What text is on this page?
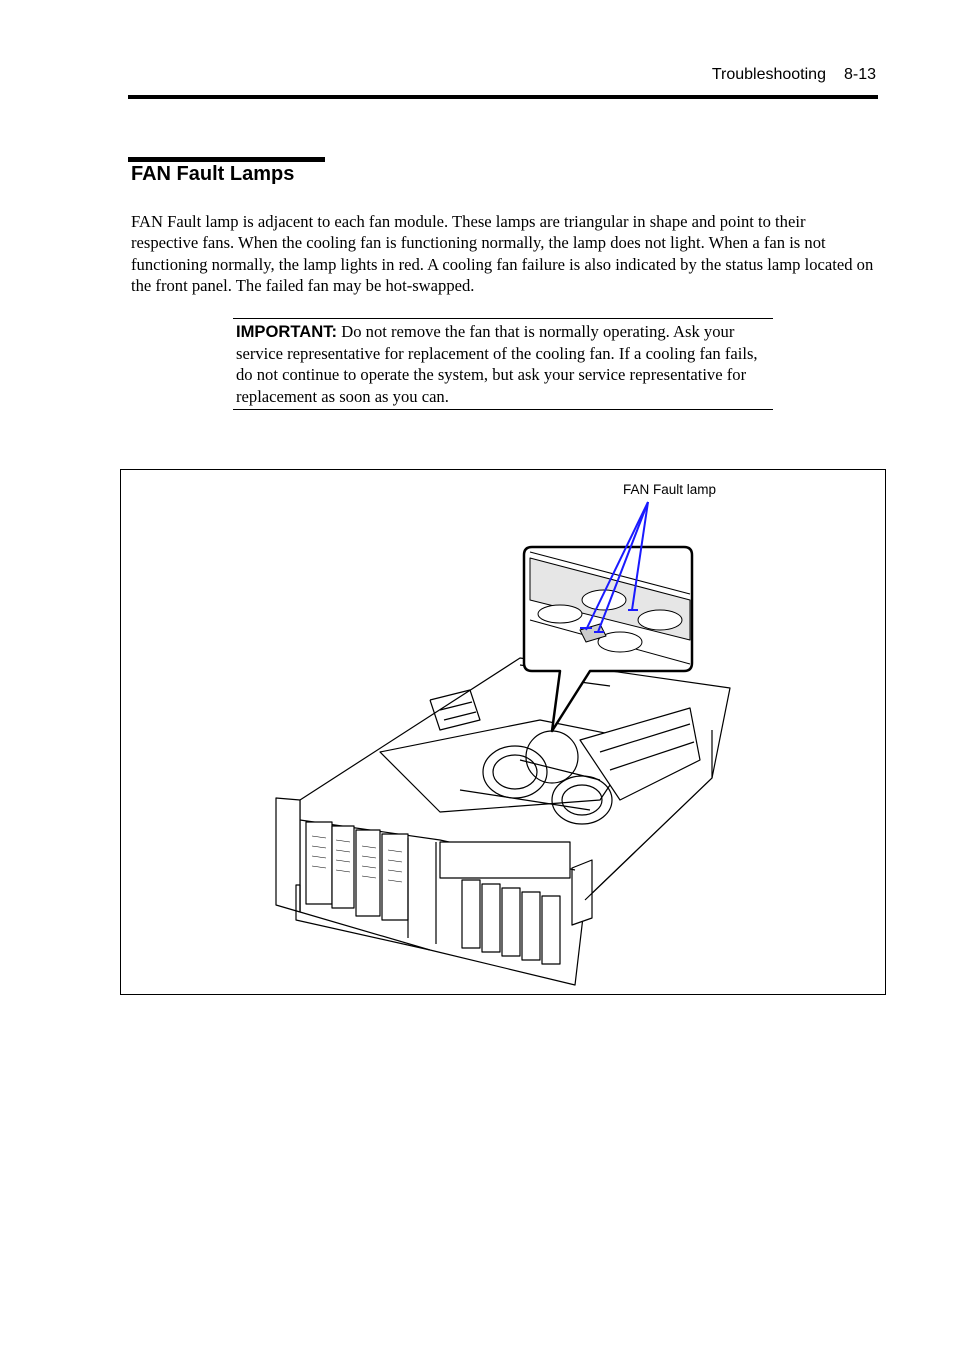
Troubleshooting 8-13
FAN Fault Lamps

FAN Fault lamp is adjacent to each fan module. These lamps are triangular in shape and point to their respective fans. When the cooling fan is functioning normally, the lamp does not light. When a fan is not functioning normally, the lamp lights in red. A cooling fan failure is also indicated by the status lamp located on the front panel. The failed fan may be hot-swapped.

IMPORTANT: Do not remove the fan that is normally operating. Ask your service representative for replacement of the cooling fan. If a cooling fan fails, do not continue to operate the system, but ask your service representative for replacement as soon as you can.
FAN Fault lamp
